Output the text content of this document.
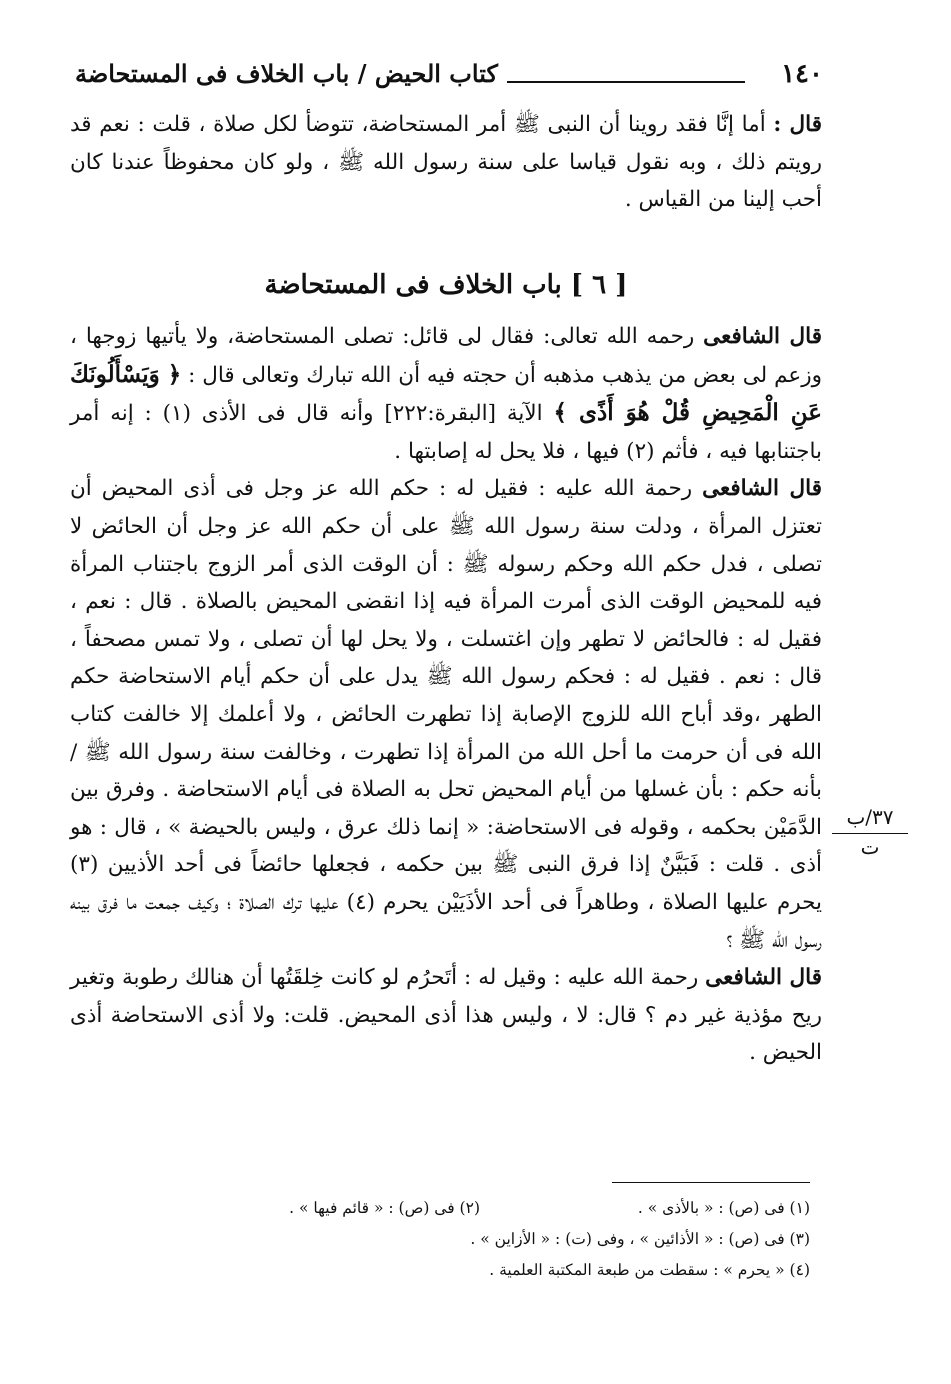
١٤٠
كتاب الحيض / باب الخلاف فى المستحاضة

قال : أما إنَّا فقد روينا أن النبى ﷺ أمر المستحاضة، تتوضأ لكل صلاة ، قلت : نعم قد رويتم ذلك ، وبه نقول قياسا على سنة رسول الله ﷺ ، ولو كان محفوظاً عندنا كان أحب إلينا من القياس .

[ ٦ ] باب الخلاف فى المستحاضة

قال الشافعى رحمه الله تعالى: فقال لى قائل: تصلى المستحاضة، ولا يأتيها زوجها ، وزعم لى بعض من يذهب مذهبه أن حجته فيه أن الله تبارك وتعالى قال : ﴿ وَيَسْأَلُونَكَ عَنِ الْمَحِيضِ قُلْ هُوَ أَذًى ﴾ الآية [البقرة:٢٢٢] وأنه قال فى الأذى (١) : إنه أمر باجتنابها فيه ، فأثم (٢) فيها ، فلا يحل له إصابتها .

قال الشافعى رحمة الله عليه : فقيل له : حكم الله عز وجل فى أذى المحيض أن تعتزل المرأة ، ودلت سنة رسول الله ﷺ على أن حكم الله عز وجل أن الحائض لا تصلى ، فدل حكم الله وحكم رسوله ﷺ : أن الوقت الذى أمر الزوج باجتناب المرأة فيه للمحيض الوقت الذى أمرت المرأة فيه إذا انقضى المحيض بالصلاة . قال : نعم ، فقيل له : فالحائض لا تطهر وإن اغتسلت ، ولا يحل لها أن تصلى ، ولا تمس مصحفاً ، قال : نعم . فقيل له : فحكم رسول الله ﷺ يدل على أن حكم أيام الاستحاضة حكم الطهر ،وقد أباح الله للزوج الإصابة إذا تطهرت الحائض ، ولا أعلمك إلا خالفت كتاب الله فى أن حرمت ما أحل الله من المرأة إذا تطهرت ، وخالفت سنة رسول الله ﷺ / بأنه حكم : بأن غسلها من أيام المحيض تحل به الصلاة فى أيام الاستحاضة . وفرق بين الدَّمَيْن بحكمه ، وقوله فى الاستحاضة: « إنما ذلك عرق ، وليس بالحيضة » ، قال : هو أذى . قلت : فَبَيَّنٌ إذا فرق النبى ﷺ بين حكمه ، فجعلها حائضاً فى أحد الأذيين (٣) يحرم عليها الصلاة ، وطاهراً فى أحد الأذَيَيْن يحرم (٤) عليها ترك الصلاة ؛ وكيف جمعت ما فرق بينه رسول الله ﷺ ؟

قال الشافعى رحمة الله عليه : وقيل له : أتَحرُم لو كانت خِلقَتُها أن هنالك رطوبة وتغير ريح مؤذية غير دم ؟ قال: لا ، وليس هذا أذى المحيض. قلت: ولا أذى الاستحاضة أذى الحيض .

٣٧/ب
ت
(١) فى (ص) : « بالأذى » .
(٢) فى (ص) : « قائم فيها » .
(٣) فى (ص) : « الأذائين » ، وفى (ت) : « الأزاين » .
(٤) « يحرم » : سقطت من طبعة المكتبة العلمية .
